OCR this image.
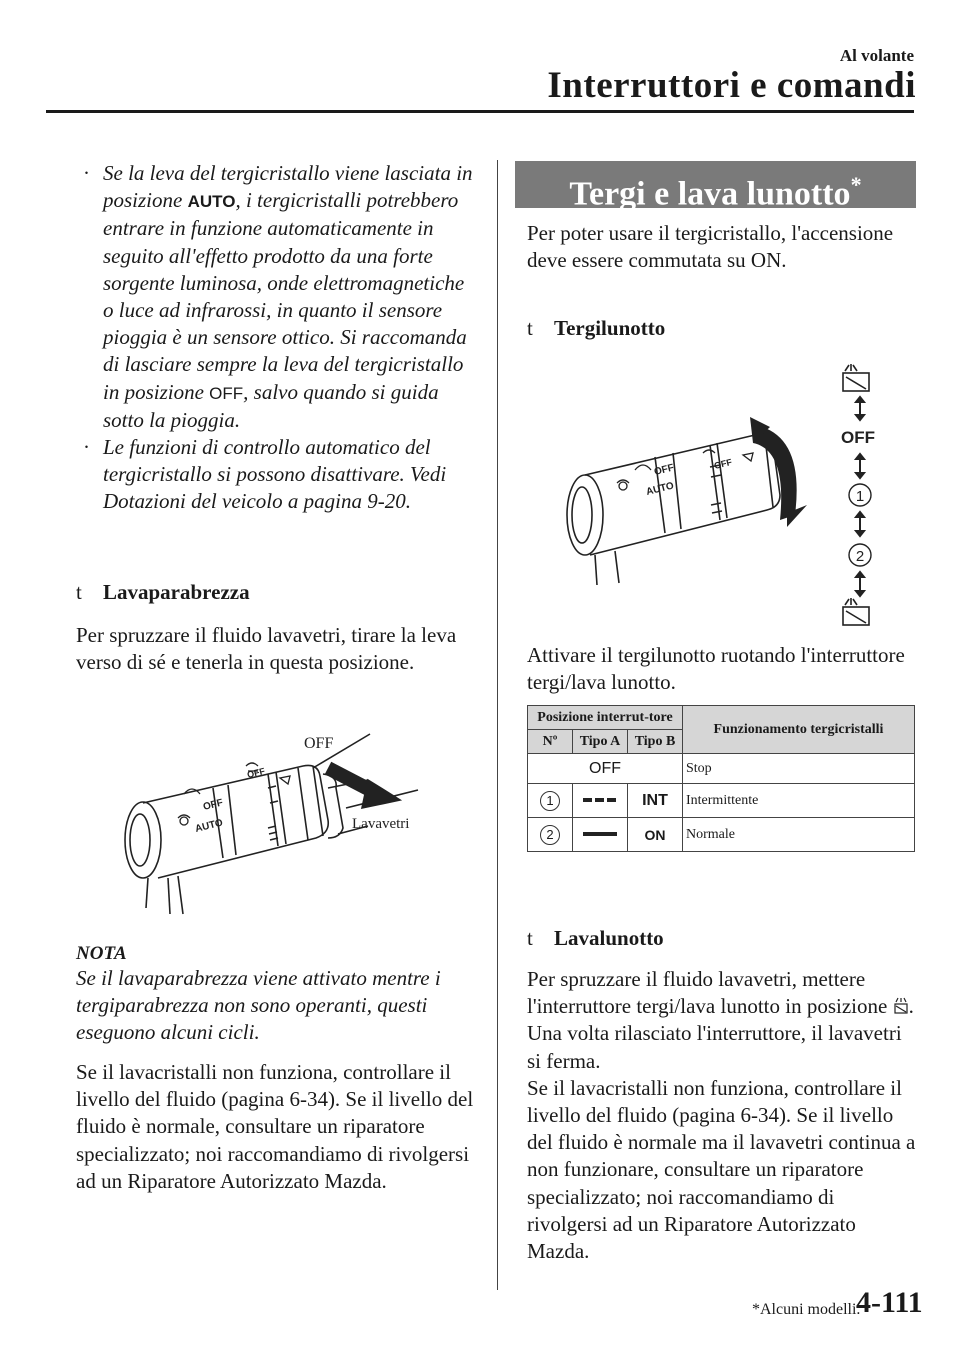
Al volante
Interruttori e comandi
· Se la leva del tergicristallo viene lasciata in posizione AUTO, i tergicristalli potrebbero entrare in funzione automaticamente in seguito all'effetto prodotto da una forte sorgente luminosa, onde elettromagnetiche o luce ad infrarossi, in quanto il sensore pioggia è un sensore ottico. Si raccomanda di lasciare sempre la leva del tergicristallo in posizione OFF, salvo quando si guida sotto la pioggia.
· Le funzioni di controllo automatico del tergicristallo si possono disattivare. Vedi Dotazioni del veicolo a pagina 9-20.
t Lavaparabrezza
Per spruzzare il fluido lavavetri, tirare la leva verso di sé e tenerla in questa posizione.
OFF
AUTO
OFF
OFF
Lavavetri
NOTA
Se il lavaparabrezza viene attivato mentre i tergiparabrezza non sono operanti, questi eseguono alcuni cicli.
Se il lavacristalli non funziona, controllare il livello del fluido (pagina 6-34). Se il livello del fluido è normale, consultare un riparatore specializzato; noi raccomandiamo di rivolgersi ad un Riparatore Autorizzato Mazda.
Tergi e lava lunotto*
Per poter usare il tergicristallo, l'accensione deve essere commutata su ON.
t Tergilunotto
OFF
AUTO
OFF
OFF
1
2
Attivare il tergilunotto ruotando l'interruttore tergi/lava lunotto.
Posizione interrut-tore			Funzionamento tergicristalli
Nº	Tipo A	Tipo B	
OFF			Stop
1		INT	Intermittente
2		ON	Normale
t Lavalunotto
Per spruzzare il fluido lavavetri, mettere l'interruttore tergi/lava lunotto in posizione . Una volta rilasciato l'interruttore, il lavavetri si ferma.
Se il lavacristalli non funziona, controllare il livello del fluido (pagina 6-34). Se il livello del fluido è normale ma il lavavetri continua a non funzionare, consultare un riparatore specializzato; noi raccomandiamo di rivolgersi ad un Riparatore Autorizzato Mazda.
*Alcuni modelli.
4-111
